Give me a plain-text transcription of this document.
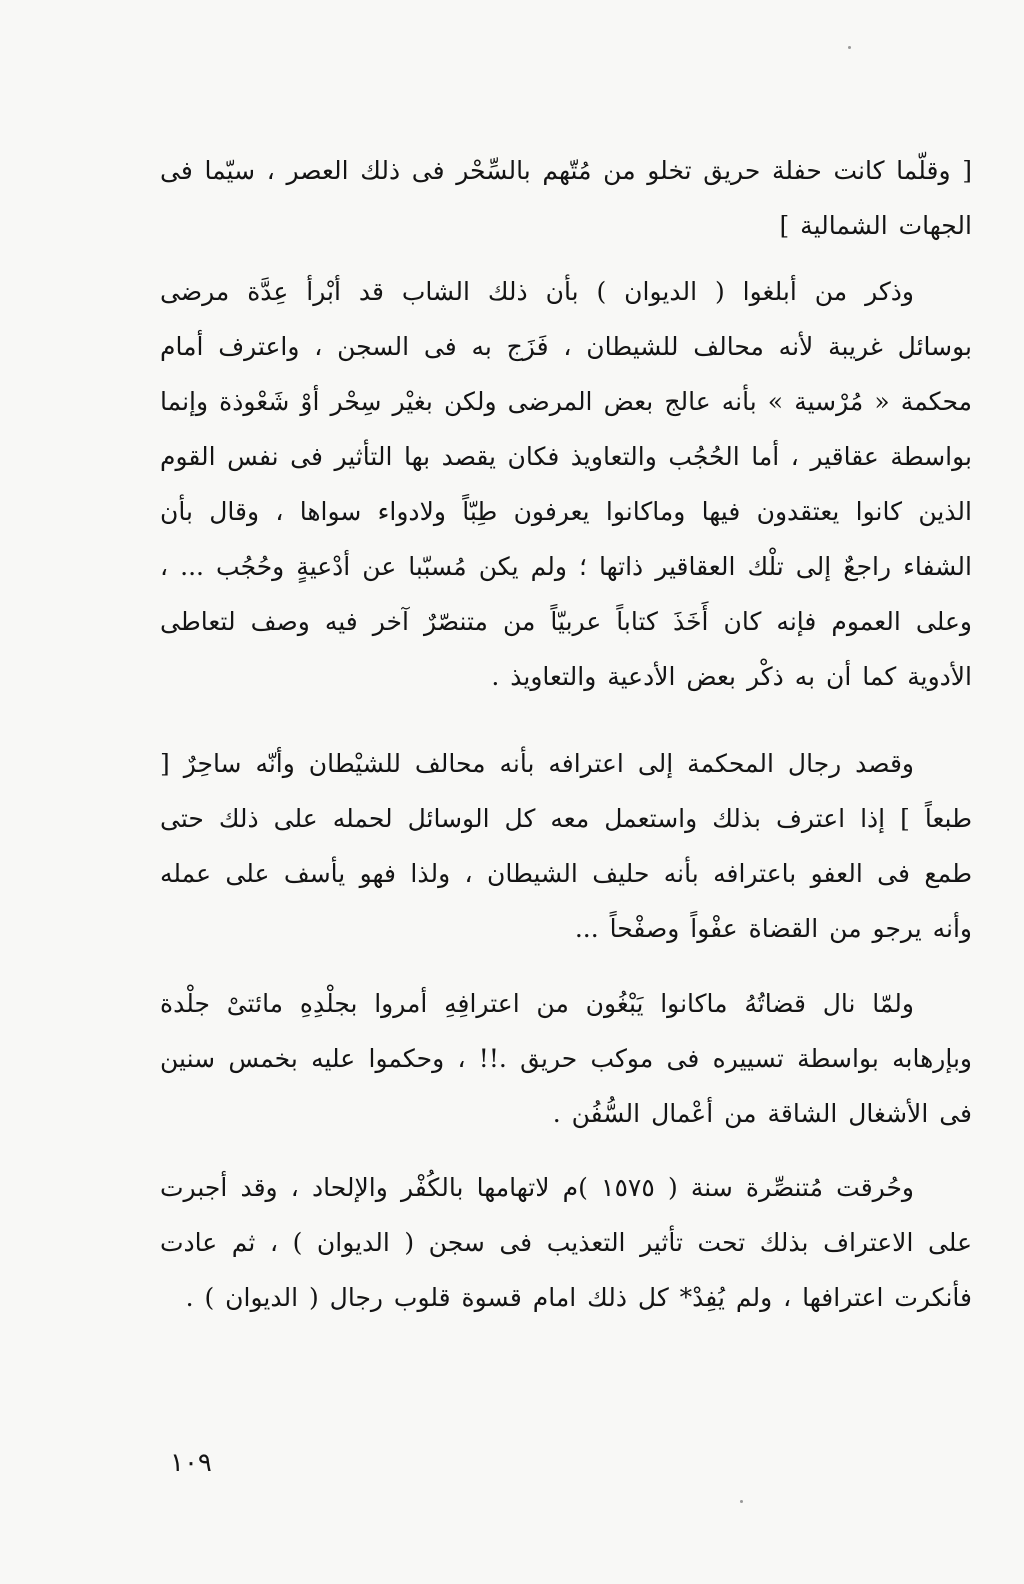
[ وقلّما كانت حفلة حريق تخلو من مُتّهم بالسِّحْر فى ذلك العصر ، سيّما فى الجهات الشمالية ]

وذكر من أبلغوا ( الديوان ) بأن ذلك الشاب قد أبْرأ عِدَّة مرضى بوسائل غريبة لأنه محالف للشيطان ، فَزَج به فى السجن ، واعترف أمام محكمة « مُرْسية » بأنه عالج بعض المرضى ولكن بغيْر سِحْر أوْ شَعْوذة وإنما بواسطة عقاقير ، أما الحُجُب والتعاويذ فكان يقصد بها التأثير فى نفس القوم الذين كانوا يعتقدون فيها وماكانوا يعرفون طِبّاً ولادواء سواها ، وقال بأن الشفاء راجعٌ إلى تلْك العقاقير ذاتها ؛ ولم يكن مُسبّبا عن أدْعيةٍ وحُجُب ... ، وعلى العموم فإنه كان أَخَذَ كتاباً عربيّاً من متنصّرٌ آخر فيه وصف لتعاطى الأدوية كما أن به ذكْر بعض الأدعية والتعاويذ .

وقصد رجال المحكمة إلى اعترافه بأنه محالف للشيْطان وأنّه ساحِرٌ [ طبعاً ] إذا اعترف بذلك واستعمل معه كل الوسائل لحمله على ذلك حتى طمع فى العفو باعترافه بأنه حليف الشيطان ، ولذا فهو يأسف على عمله وأنه يرجو من القضاة عفْواً وصفْحاً ...

ولمّا نال قضاتُهُ ماكانوا يَبْغُون من اعترافِهِ أمروا بجلْدِهِ مائتىْ جلْدة وبإرهابه بواسطة تسييره فى موكب حريق .!! ، وحكموا عليه بخمس سنين فى الأشغال الشاقة من أعْمال السُّفُن .

وحُرقت مُتنصِّرة سنة ( ١٥٧٥ )م لاتهامها بالكُفْر والإلحاد ، وقد أجبرت على الاعتراف بذلك تحت تأثير التعذيب فى سجن ( الديوان ) ، ثم عادت فأنكرت اعترافها ، ولم يُفِدْ* كل ذلك امام قسوة قلوب رجال ( الديوان ) .

١٠٩
